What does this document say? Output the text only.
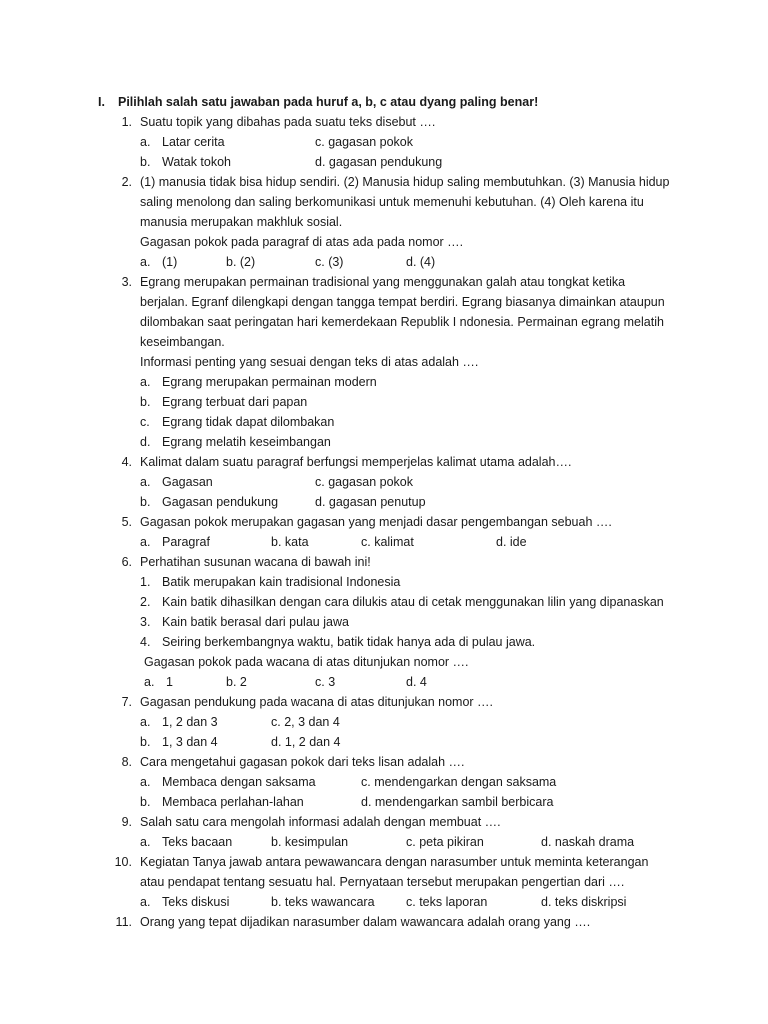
I. Pilihlah salah satu jawaban pada huruf a, b, c atau dyang paling benar!
1. Suatu topik yang dibahas pada suatu teks disebut ….
a. Latar cerita	c. gagasan pokok
b. Watak tokoh	d. gagasan pendukung
2. (1) manusia tidak bisa hidup sendiri. (2) Manusia hidup saling membutuhkan. (3) Manusia hidup
saling menolong dan saling berkomunikasi untuk memenuhi kebutuhan. (4) Oleh karena itu
manusia merupakan makhluk sosial.
Gagasan pokok pada paragraf di atas ada pada nomor ….
a. (1)	b. (2)	c. (3)	d. (4)
3. Egrang merupakan permainan tradisional yang menggunakan galah atau tongkat ketika
berjalan. Egranf dilengkapi dengan tangga tempat berdiri. Egrang biasanya dimainkan ataupun
dilombakan saat peringatan hari kemerdekaan Republik I ndonesia. Permainan egrang melatih
keseimbangan.
Informasi penting yang sesuai dengan teks di atas adalah ….
a. Egrang merupakan permainan modern
b. Egrang terbuat dari papan
c. Egrang tidak dapat dilombakan
d. Egrang melatih keseimbangan
4. Kalimat dalam suatu paragraf berfungsi memperjelas kalimat utama adalah….
a. Gagasan	c. gagasan pokok
b. Gagasan pendukung	d. gagasan penutup
5. Gagasan pokok merupakan gagasan yang menjadi dasar pengembangan sebuah ….
a. Paragraf	b. kata	c. kalimat	d. ide
6. Perhatihan susunan wacana di bawah ini!
1. Batik merupakan kain tradisional Indonesia
2. Kain batik dihasilkan dengan cara dilukis atau di cetak menggunakan lilin yang dipanaskan
3. Kain batik berasal dari pulau jawa
4. Seiring berkembangnya waktu, batik tidak hanya ada di pulau jawa.
Gagasan pokok pada wacana di atas ditunjukan nomor ….
a. 1	b. 2	c. 3	d. 4
7. Gagasan pendukung pada wacana di atas ditunjukan nomor ….
a. 1, 2 dan 3	c. 2, 3 dan 4
b. 1, 3 dan 4	d. 1, 2 dan 4
8. Cara mengetahui gagasan pokok dari teks lisan adalah ….
a. Membaca dengan saksama	c. mendengarkan dengan saksama
b. Membaca perlahan-lahan	d. mendengarkan sambil berbicara
9. Salah satu cara mengolah informasi adalah dengan membuat ….
a. Teks bacaan	b. kesimpulan	c. peta pikiran	d. naskah drama
10. Kegiatan Tanya jawab antara pewawancara dengan narasumber untuk meminta keterangan
atau pendapat tentang sesuatu hal. Pernyataan tersebut merupakan pengertian dari ….
a. Teks diskusi	b. teks wawancara	c. teks laporan	d. teks diskripsi
11. Orang yang tepat dijadikan narasumber dalam wawancara adalah orang yang ….
